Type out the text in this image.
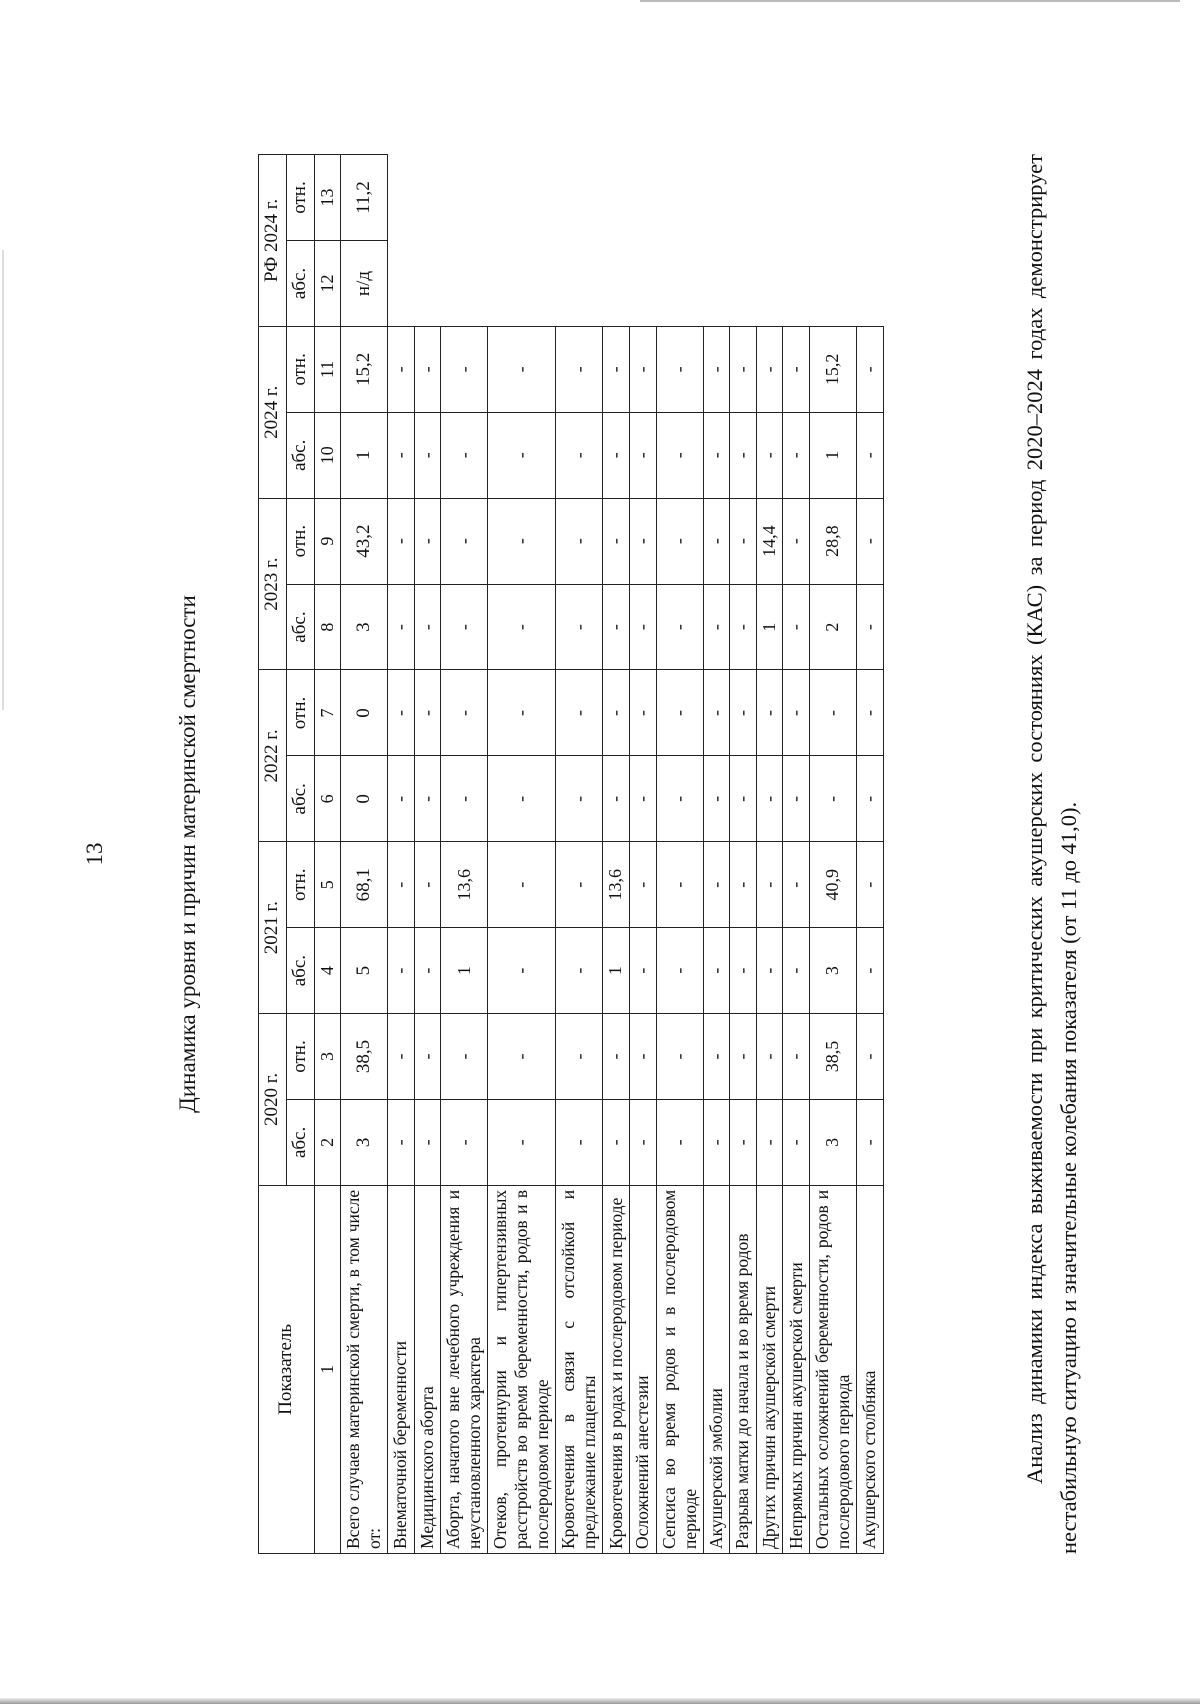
13	Динамика уровня и причин материнской смертности
Показатель	2020 г.		2021 г.		2022 г.		2023 г.		2024 г.		РФ 2024 г.	
	абс.	отн.	абс.	отн.	абс.	отн.	абс.	отн.	абс.	отн.	абс.	отн.
1	2	3	4	5	6	7	8	9	10	11	12	13
Всего случаев материнской смерти, в том числе от:	3	38,5	5	68,1	0	0	3	43,2	1	15,2	н/д	11,2
Внематочной беременности	-	-	-	-	-	-	-	-	-	-		
Медицинского аборта	-	-	-	-	-	-	-	-	-	-		
Аборта, начатого вне лечебного учреждения и неустановленного характера	-	-	1	13,6	-	-	-	-	-	-		
Отеков, протеинурии и гипертензивных расстройств во время беременности, родов и в послеродовом периоде	-	-	-	-	-	-	-	-	-	-		
Кровотечения в связи с отслойкой и предлежание плаценты	-	-	-	-	-	-	-	-	-	-		
Кровотечения в родах и послеродовом периоде	-	-	1	13,6	-	-	-	-	-	-		
Осложнений анестезии	-	-	-	-	-	-	-	-	-	-		
Сепсиса во время родов и в послеродовом периоде	-	-	-	-	-	-	-	-	-	-		
Акушерской эмболии	-	-	-	-	-	-	-	-	-	-		
Разрыва матки до начала и во время родов	-	-	-	-	-	-	-	-	-	-		
Других причин акушерской смерти	-	-	-	-	-	-	1	14,4	-	-		
Непрямых причин акушерской смерти	-	-	-	-	-	-	-	-	-	-		
Остальных осложнений беременности, родов и послеродового периода	3	38,5	3	40,9	-	-	2	28,8	1	15,2		
Акушерского столбняка	-	-	-	-	-	-	-	-	-	-			Анализ динамики индекса выживаемости при критических акушерских состояниях (КАС) за период 2020–2024 годах демонстрирует нестабильную ситуацию и значительные колебания показателя (от 11 до 41,0).
